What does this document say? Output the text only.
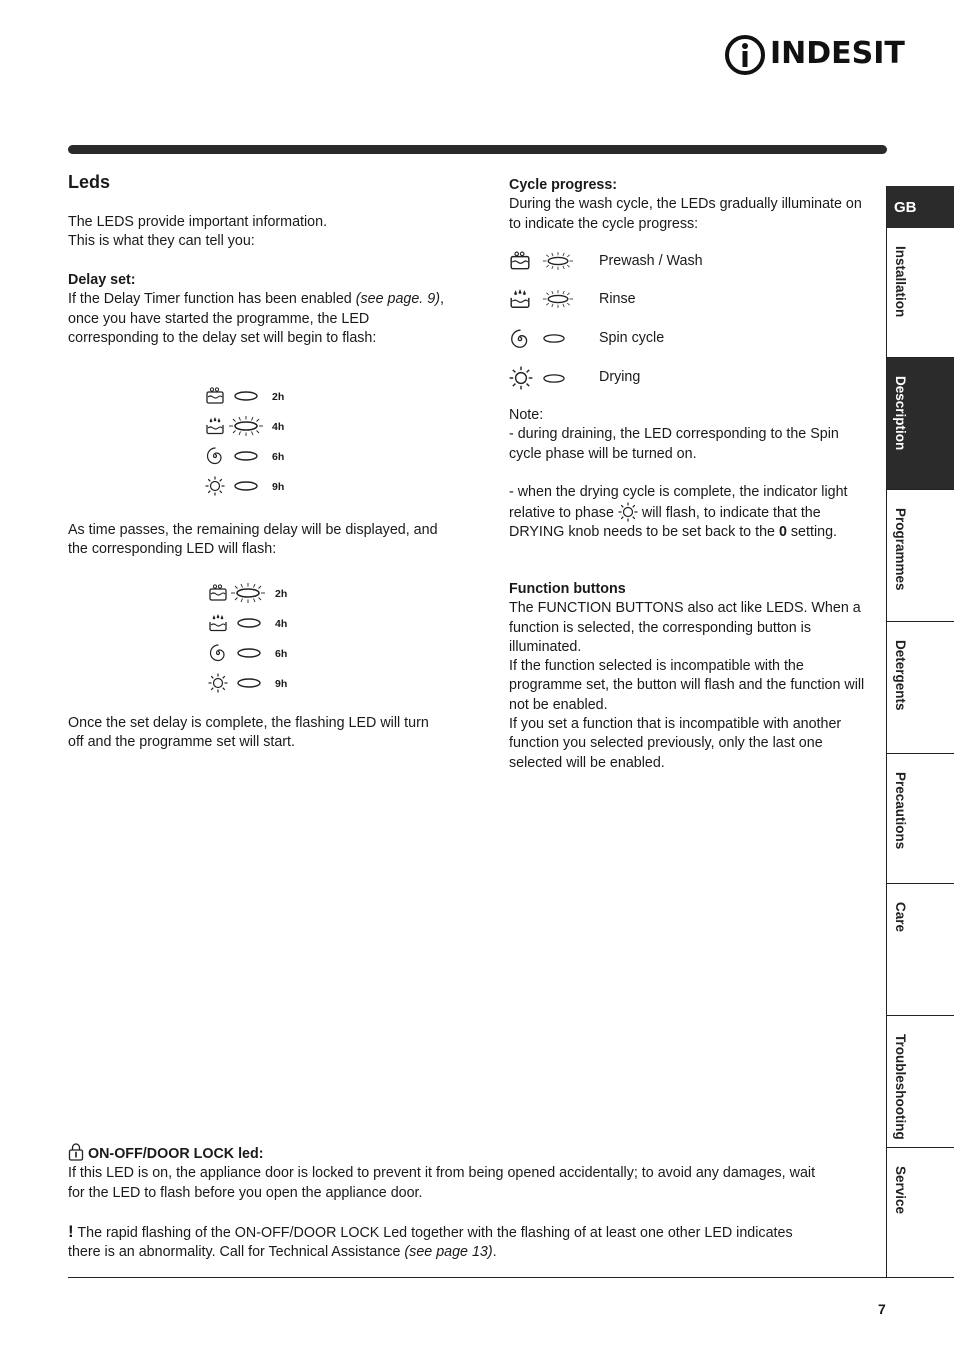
INDESIT
Leds
The LEDS provide important information.
This is what they can tell you:
Delay set:
If the Delay Timer function has been enabled (see page. 9), once you have started the programme, the LED corresponding to the delay set will begin to flash:
2h
4h
6h
9h
As time passes, the remaining delay will be displayed, and the corresponding LED will flash:
2h
4h
6h
9h
Once the set delay is complete, the flashing LED will turn off and the programme set will start.
Cycle progress:
During the wash cycle, the LEDs gradually illuminate on to indicate the cycle progress:
Prewash / Wash
Rinse
Spin cycle
Drying
Note:
- during draining, the LED corresponding to the Spin cycle phase will be turned on.
- when the drying cycle is complete, the indicator light relative to phase will flash, to indicate that the DRYING knob needs to be set back to the 0 setting.
Function buttons
The FUNCTION BUTTONS also act like LEDS. When a function is selected, the corresponding button is illuminated.
If the function selected is incompatible with the programme set, the button will flash and the function will not be enabled.
If you set a function that is incompatible with another function you selected previously, only the last one selected will be enabled.
ON-OFF/DOOR LOCK led:
If this LED is on, the appliance door is locked to prevent it from being opened accidentally; to avoid any damages, wait for the LED to flash before you open the appliance door.
! The rapid flashing of the ON-OFF/DOOR LOCK Led together with the flashing of at least one other LED indicates there is an abnormality. Call for Technical Assistance (see page 13).
GB
Installation
Description
Programmes
Detergents
Precautions
Care
Troubleshooting
Service
7
